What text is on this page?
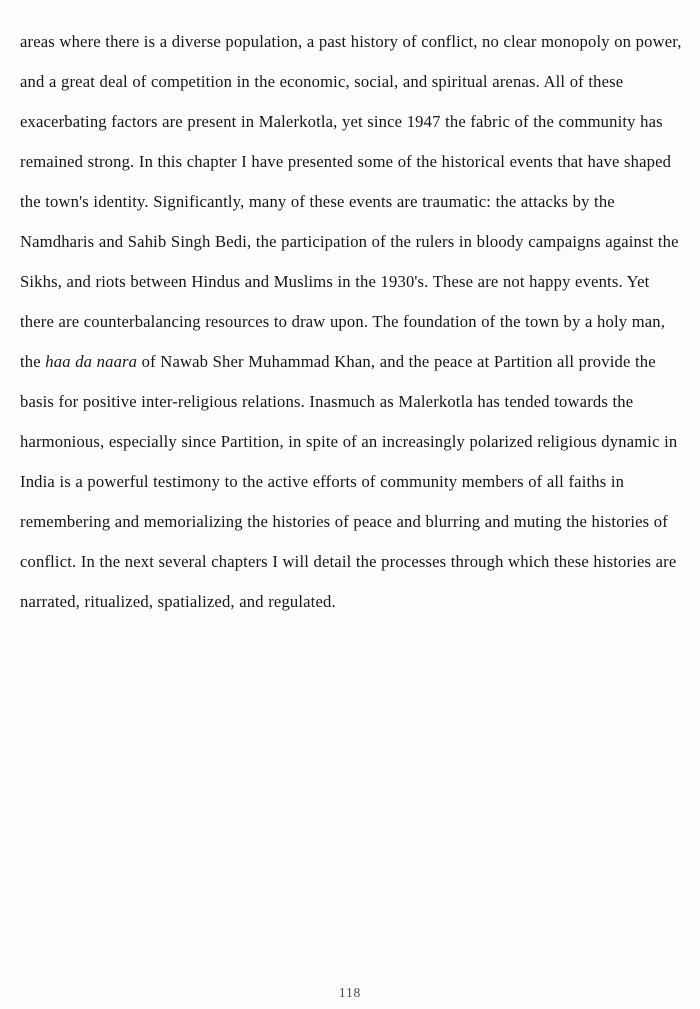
areas where there is a diverse population, a past history of conflict, no clear monopoly on power,
and a great deal of competition in the economic, social, and spiritual arenas. All of these
exacerbating factors are present in Malerkotla, yet since 1947 the fabric of the community has
remained strong. In this chapter I have presented some of the historical events that have shaped
the town's identity. Significantly, many of these events are traumatic: the attacks by the
Namdharis and Sahib Singh Bedi, the participation of the rulers in bloody campaigns against the
Sikhs, and riots between Hindus and Muslims in the 1930's. These are not happy events. Yet
there are counterbalancing resources to draw upon. The foundation of the town by a holy man,
the haa da naara of Nawab Sher Muhammad Khan, and the peace at Partition all provide the
basis for positive inter-religious relations. Inasmuch as Malerkotla has tended towards the
harmonious, especially since Partition, in spite of an increasingly polarized religious dynamic in
India is a powerful testimony to the active efforts of community members of all faiths in
remembering and memorializing the histories of peace and blurring and muting the histories of
conflict. In the next several chapters I will detail the processes through which these histories are
narrated, ritualized, spatialized, and regulated.

118
